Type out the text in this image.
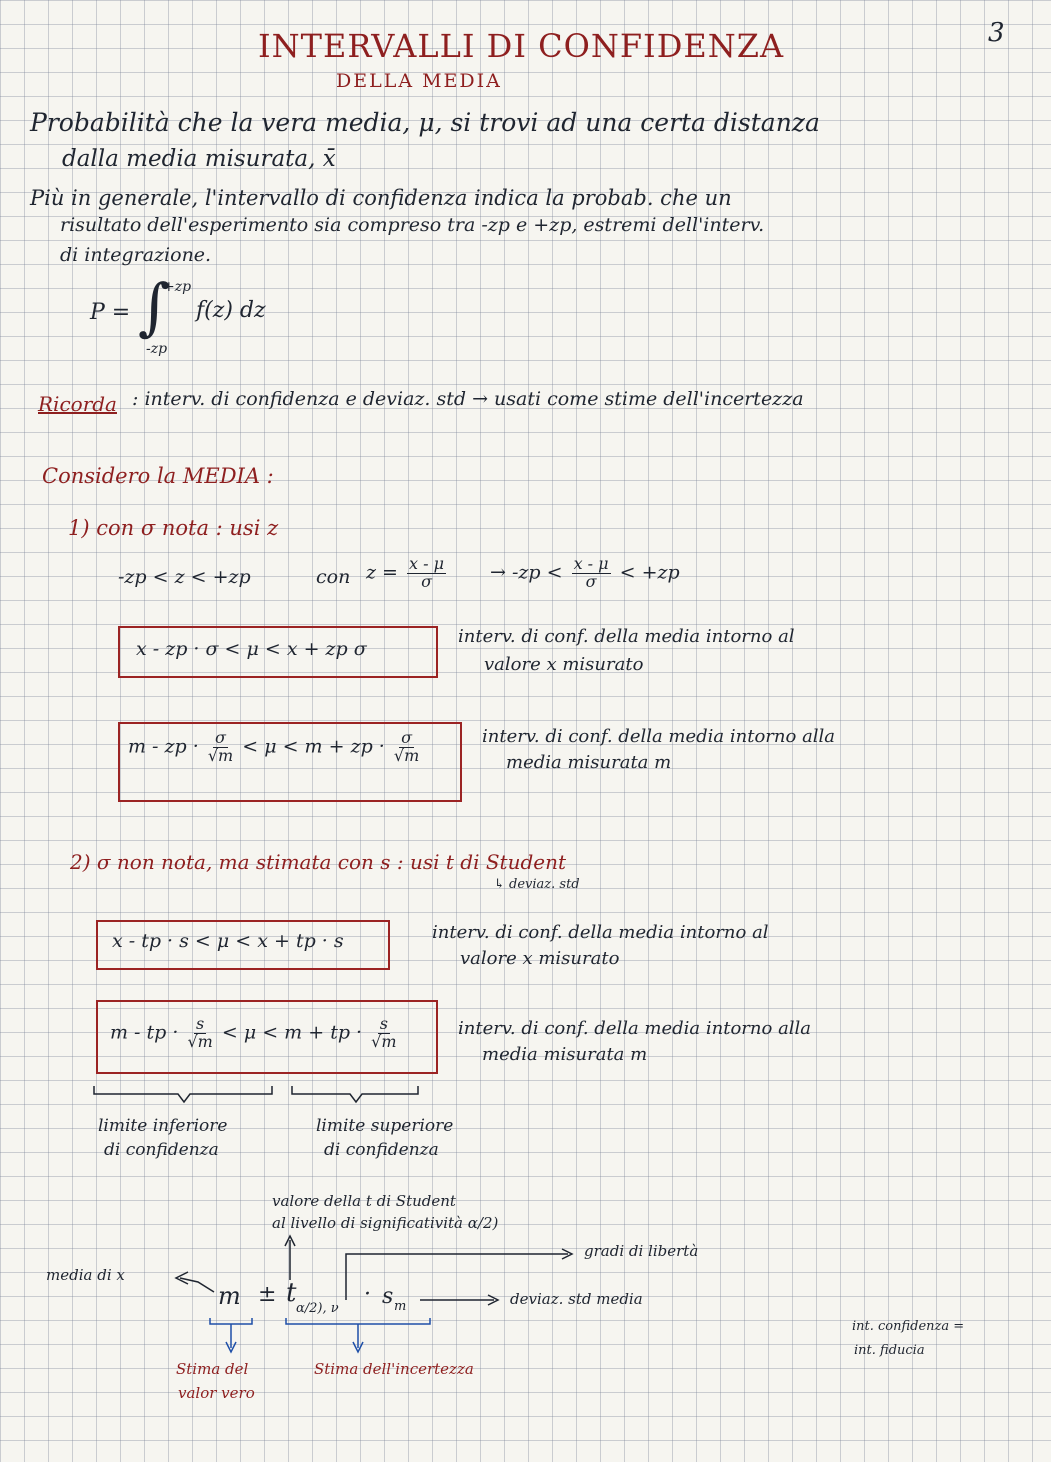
3
INTERVALLI DI CONFIDENZA
DELLA MEDIA
Probabilità che la vera media, μ, si trovi ad una certa distanza
dalla media misurata, x̄
Più in generale, l'intervallo di confidenza indica la probab. che un
risultato dell'esperimento sia compreso tra -zp e +zp, estremi dell'interv.
di integrazione.
P = ∫
+zp
-zp
f(z) dz
Ricorda : interv. di confidenza e deviaz. std → usati come stime dell'incertezza
Considero la MEDIA :
1) con σ nota : usi z
-zp < z < +zp	con $z = \frac{x - \mu}{\sigma} \to -zp < \frac{x - \mu}{\sigma} < +zp$
x - zp · σ < μ < x + zp σ
interv. di conf. della media intorno al
valore x misurato
m - zp · $\frac{\sigma}{√m} < \mu < m$ + zp · $\frac{\sigma}{√m}$	interv. di conf. della media intorno alla
media misurata m
2) σ non nota, ma stimata con s : usi t di Student
↳ deviaz. std
x - tp · s < μ < x + tp · s	interv. di conf. della media intorno al
valore x misurato
m - tp · $\frac{s}{√m} < \mu < m$ + tp · $\frac{s}{√m}$	interv. di conf. della media intorno alla
media misurata m
limite inferiore
di confidenza
limite superiore
di confidenza
valore della t di Student
al livello di significatività α/2)
gradi di libertà
media di x
m ± t
α/2), ν
· s m	deviaz. std media
Stima del
valor vero
Stima dell'incertezza
int. confidenza =
int. fiducia
